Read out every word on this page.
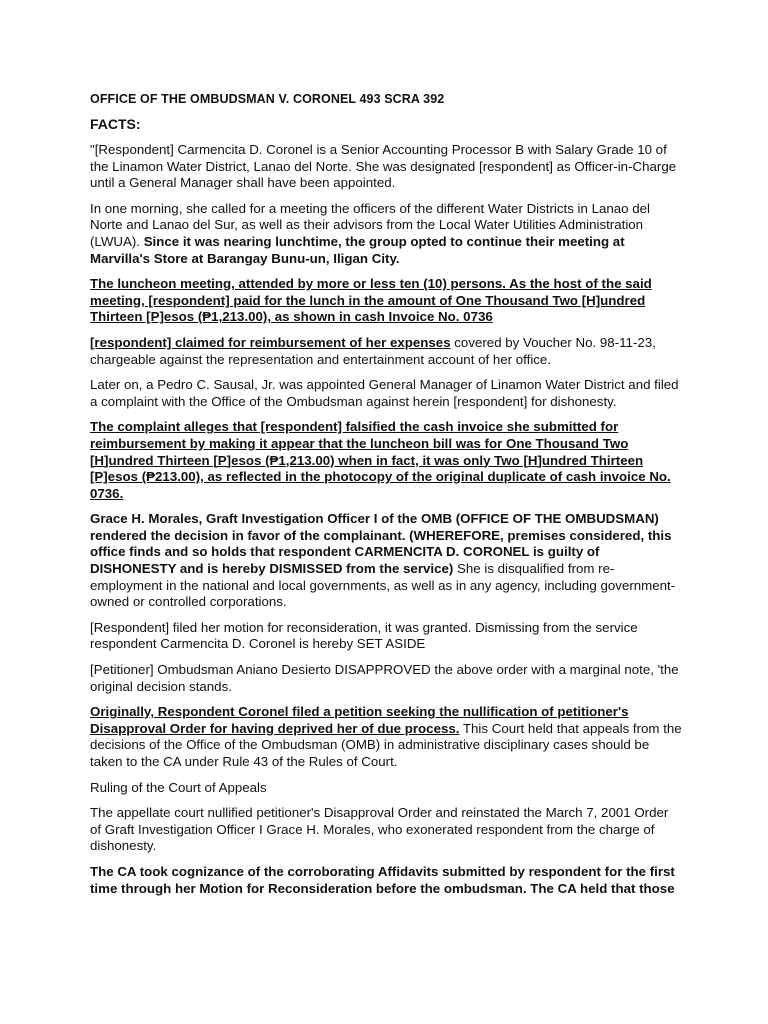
OFFICE OF THE OMBUDSMAN V. CORONEL 493 SCRA 392
FACTS:

"[Respondent] Carmencita D. Coronel is a Senior Accounting Processor B with Salary Grade 10 of the Linamon Water District, Lanao del Norte. She was designated [respondent] as Officer-in-Charge until a General Manager shall have been appointed.

In one morning, she called for a meeting the officers of the different Water Districts in Lanao del Norte and Lanao del Sur, as well as their advisors from the Local Water Utilities Administration (LWUA). Since it was nearing lunchtime, the group opted to continue their meeting at Marvilla's Store at Barangay Bunu-un, Iligan City.

The luncheon meeting, attended by more or less ten (10) persons. As the host of the said meeting, [respondent] paid for the lunch in the amount of One Thousand Two [H]undred Thirteen [P]esos (₱1,213.00), as shown in cash Invoice No. 0736

[respondent] claimed for reimbursement of her expenses covered by Voucher No. 98-11-23, chargeable against the representation and entertainment account of her office.

Later on, a Pedro C. Sausal, Jr. was appointed General Manager of Linamon Water District and filed a complaint with the Office of the Ombudsman against herein [respondent] for dishonesty.

The complaint alleges that [respondent] falsified the cash invoice she submitted for reimbursement by making it appear that the luncheon bill was for One Thousand Two [H]undred Thirteen [P]esos (₱1,213.00) when in fact, it was only Two [H]undred Thirteen [P]esos (₱213.00), as reflected in the photocopy of the original duplicate of cash invoice No. 0736.

Grace H. Morales, Graft Investigation Officer I of the OMB (OFFICE OF THE OMBUDSMAN) rendered the decision in favor of the complainant. (WHEREFORE, premises considered, this office finds and so holds that respondent CARMENCITA D. CORONEL is guilty of DISHONESTY and is hereby DISMISSED from the service) She is disqualified from re-employment in the national and local governments, as well as in any agency, including government-owned or controlled corporations.

[Respondent] filed her motion for reconsideration, it was granted. Dismissing from the service respondent Carmencita D. Coronel is hereby SET ASIDE

[Petitioner] Ombudsman Aniano Desierto DISAPPROVED the above order with a marginal note, 'the original decision stands.

Originally, Respondent Coronel filed a petition seeking the nullification of petitioner's Disapproval Order for having deprived her of due process. This Court held that appeals from the decisions of the Office of the Ombudsman (OMB) in administrative disciplinary cases should be taken to the CA under Rule 43 of the Rules of Court.

Ruling of the Court of Appeals

The appellate court nullified petitioner's Disapproval Order and reinstated the March 7, 2001 Order of Graft Investigation Officer I Grace H. Morales, who exonerated respondent from the charge of dishonesty.

The CA took cognizance of the corroborating Affidavits submitted by respondent for the first time through her Motion for Reconsideration before the ombudsman. The CA held that those
